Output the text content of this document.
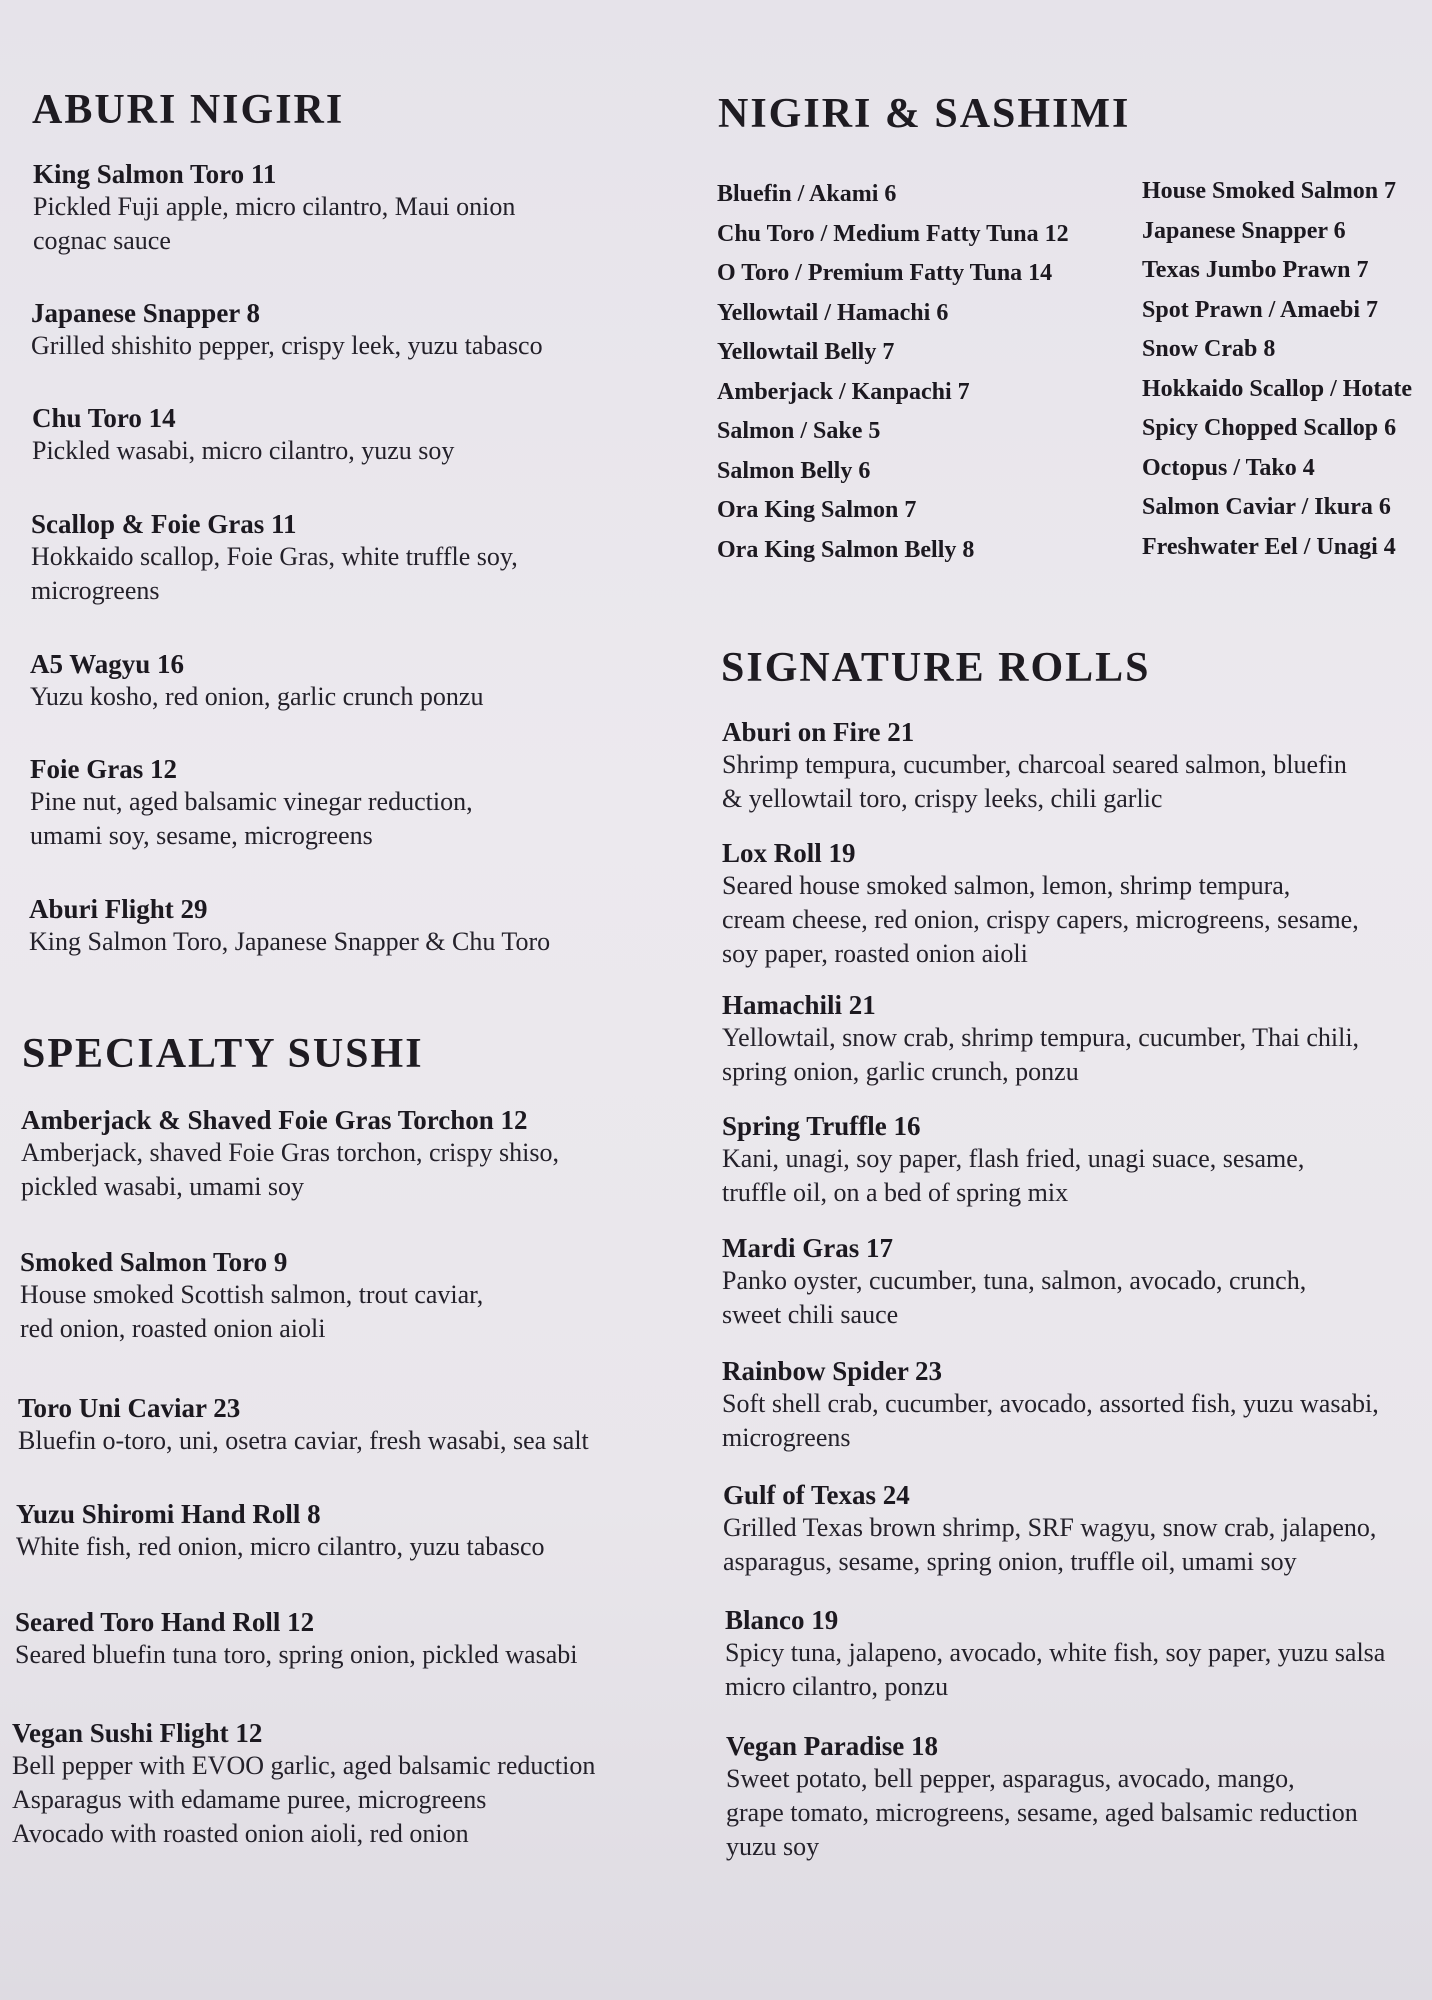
ABURI NIGIRI
King Salmon Toro 11
Pickled Fuji apple, micro cilantro, Maui onion
cognac sauce
Japanese Snapper 8
Grilled shishito pepper, crispy leek, yuzu tabasco
Chu Toro 14
Pickled wasabi, micro cilantro, yuzu soy
Scallop & Foie Gras 11
Hokkaido scallop, Foie Gras, white truffle soy,
microgreens
A5 Wagyu 16
Yuzu kosho, red onion, garlic crunch ponzu
Foie Gras 12
Pine nut, aged balsamic vinegar reduction,
umami soy, sesame, microgreens
Aburi Flight 29
King Salmon Toro, Japanese Snapper & Chu Toro
SPECIALTY SUSHI
Amberjack & Shaved Foie Gras Torchon 12
Amberjack, shaved Foie Gras torchon, crispy shiso,
pickled wasabi, umami soy
Smoked Salmon Toro 9
House smoked Scottish salmon, trout caviar,
red onion, roasted onion aioli
Toro Uni Caviar 23
Bluefin o-toro, uni, osetra caviar, fresh wasabi, sea salt
Yuzu Shiromi Hand Roll 8
White fish, red onion, micro cilantro, yuzu tabasco
Seared Toro Hand Roll 12
Seared bluefin tuna toro, spring onion, pickled wasabi
Vegan Sushi Flight 12
Bell pepper with EVOO garlic, aged balsamic reduction
Asparagus with edamame puree, microgreens
Avocado with roasted onion aioli, red onion
NIGIRI & SASHIMI
Bluefin / Akami 6
Chu Toro / Medium Fatty Tuna 12
O Toro / Premium Fatty Tuna 14
Yellowtail / Hamachi 6
Yellowtail Belly 7
Amberjack / Kanpachi 7
Salmon / Sake 5
Salmon Belly 6
Ora King Salmon 7
Ora King Salmon Belly 8
House Smoked Salmon 7
Japanese Snapper 6
Texas Jumbo Prawn 7
Spot Prawn / Amaebi 7
Snow Crab 8
Hokkaido Scallop / Hotate
Spicy Chopped Scallop 6
Octopus / Tako 4
Salmon Caviar / Ikura 6
Freshwater Eel / Unagi 4
SIGNATURE ROLLS
Aburi on Fire 21
Shrimp tempura, cucumber, charcoal seared salmon, bluefin
& yellowtail toro, crispy leeks, chili garlic
Lox Roll 19
Seared house smoked salmon, lemon, shrimp tempura,
cream cheese, red onion, crispy capers, microgreens, sesame,
soy paper, roasted onion aioli
Hamachili 21
Yellowtail, snow crab, shrimp tempura, cucumber, Thai chili,
spring onion, garlic crunch, ponzu
Spring Truffle 16
Kani, unagi, soy paper, flash fried, unagi suace, sesame,
truffle oil, on a bed of spring mix
Mardi Gras 17
Panko oyster, cucumber, tuna, salmon, avocado, crunch,
sweet chili sauce
Rainbow Spider 23
Soft shell crab, cucumber, avocado, assorted fish, yuzu wasabi,
microgreens
Gulf of Texas 24
Grilled Texas brown shrimp, SRF wagyu, snow crab, jalapeno,
asparagus, sesame, spring onion, truffle oil, umami soy
Blanco 19
Spicy tuna, jalapeno, avocado, white fish, soy paper, yuzu salsa
micro cilantro, ponzu
Vegan Paradise 18
Sweet potato, bell pepper, asparagus, avocado, mango,
grape tomato, microgreens, sesame, aged balsamic reduction
yuzu soy
